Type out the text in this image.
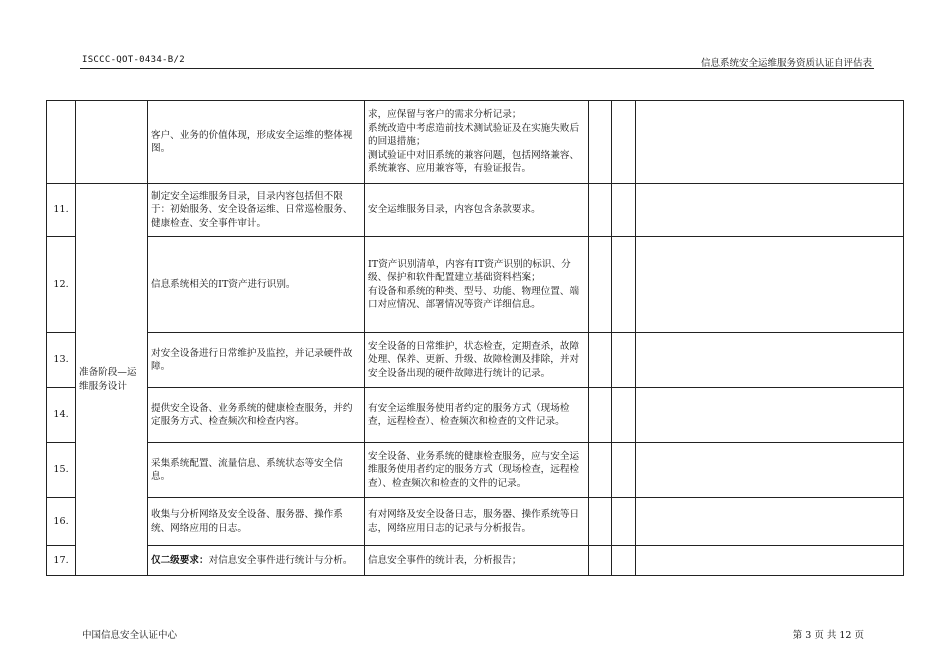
ISCCC-QOT-0434-B/2	信息系统安全运维服务资质认证自评估表
		客户、业务的价值体现，形成安全运维的整体视图。	求，应保留与客户的需求分析记录；
系统改造中考虑造前技术测试验证及在实施失败后的回退措施；
测试验证中对旧系统的兼容问题，包括网络兼容、系统兼容、应用兼容等，有验证报告。			
11.	准备阶段—运维服务设计	制定安全运维服务目录，目录内容包括但不限于：初始服务、安全设备运维、日常巡检服务、健康检查、安全事件审计。	安全运维服务目录，内容包含条款要求。			
12.		信息系统相关的IT资产进行识别。	IT资产识别清单，内容有IT资产识别的标识、分级、保护和软件配置建立基础资料档案；
有设备和系统的种类、型号、功能、物理位置、端口对应情况、部署情况等资产详细信息。			
13.		对安全设备进行日常维护及监控，并记录硬件故障。	安全设备的日常维护，状态检查，定期查杀，故障处理、保养、更新、升级、故障检测及排除，并对安全设备出现的硬件故障进行统计的记录。			
14.		提供安全设备、业务系统的健康检查服务，并约定服务方式、检查频次和检查内容。	有安全运维服务使用者约定的服务方式（现场检查，远程检查）、检查频次和检查的文件记录。			
15.		采集系统配置、流量信息、系统状态等安全信息。	安全设备、业务系统的健康检查服务，应与安全运维服务使用者约定的服务方式（现场检查，远程检查）、检查频次和检查的文件的记录。			
16.		收集与分析网络及安全设备、服务器、操作系统、网络应用的日志。	有对网络及安全设备日志，服务器、操作系统等日志，网络应用日志的记录与分析报告。			
17.		仅二级要求：对信息安全事件进行统计与分析。	信息安全事件的统计表，分析报告；			
中国信息安全认证中心	第 3 页 共 12 页
